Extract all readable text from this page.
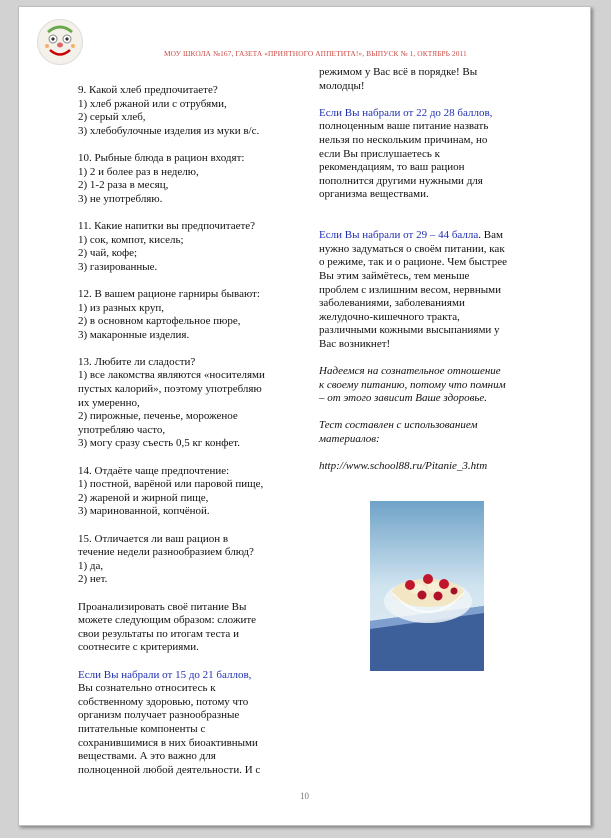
МОУ ШКОЛА №167, ГАЗЕТА «ПРИЯТНОГО АППЕТИТА!», ВЫПУСК № 1, ОКТЯБРЬ 2011

9. Какой хлеб предпочитаете?

1) хлеб ржаной или с отрубями,

2) серый хлеб,

3) хлебобулочные изделия из муки в/с.

10. Рыбные блюда в рацион входят:

1) 2 и более раз в неделю,

2) 1-2 раза в месяц,

3) не употребляю.

11. Какие напитки вы предпочитаете?

1) сок, компот, кисель;

2) чай, кофе;

3) газированные.

12. В вашем рационе гарниры бывают:

1) из разных круп,

2) в основном картофельное пюре,

3) макаронные изделия.

13. Любите ли сладости?

1) все лакомства являются «носителями

пустых калорий», поэтому употребляю

их умеренно,

2) пирожные, печенье, мороженое

употребляю часто,

3) могу сразу съесть 0,5 кг конфет.

14. Отдаёте чаще предпочтение:

1) постной, варёной или паровой пище,

2) жареной и жирной пище,

3) маринованной, копчёной.

15. Отличается ли ваш рацион в

течение недели разнообразием блюд?

1) да,

2) нет.

Проанализировать своё питание Вы

можете следующим образом: сложите

свои результаты по итогам теста и

соотнесите с критериями.

Если Вы набрали от 15 до 21 баллов,

Вы сознательно относитесь к

собственному здоровью, потому что

организм получает разнообразные

питательные компоненты с

сохранившимися в них биоактивными

веществами. А это важно для

полноценной любой деятельности. И с

режимом у Вас всё в порядке! Вы
молодцы!

Если Вы набрали от 22 до 28 баллов,

полноценным ваше питание назвать
нельзя по нескольким причинам, но
если Вы прислушаетесь к
рекомендациям, то ваш рацион
пополнится другими нужными для
организма веществами.

Если Вы набрали от 29 – 44 балла. Вам

нужно задуматься о своём питании, как
о режиме, так и о рационе. Чем быстрее
Вы этим займётесь, тем меньше
проблем с излишним весом, нервными
заболеваниями, заболеваниями
желудочно-кишечного тракта,
различными кожными высыпаниями у
Вас возникнет!

Надеемся на сознательное отношение
к своему питанию, потому что помним
– от этого зависит Ваше здоровье.

Тест составлен с использованием
материалов:

http://www.school88.ru/Pitanie_3.htm

10
